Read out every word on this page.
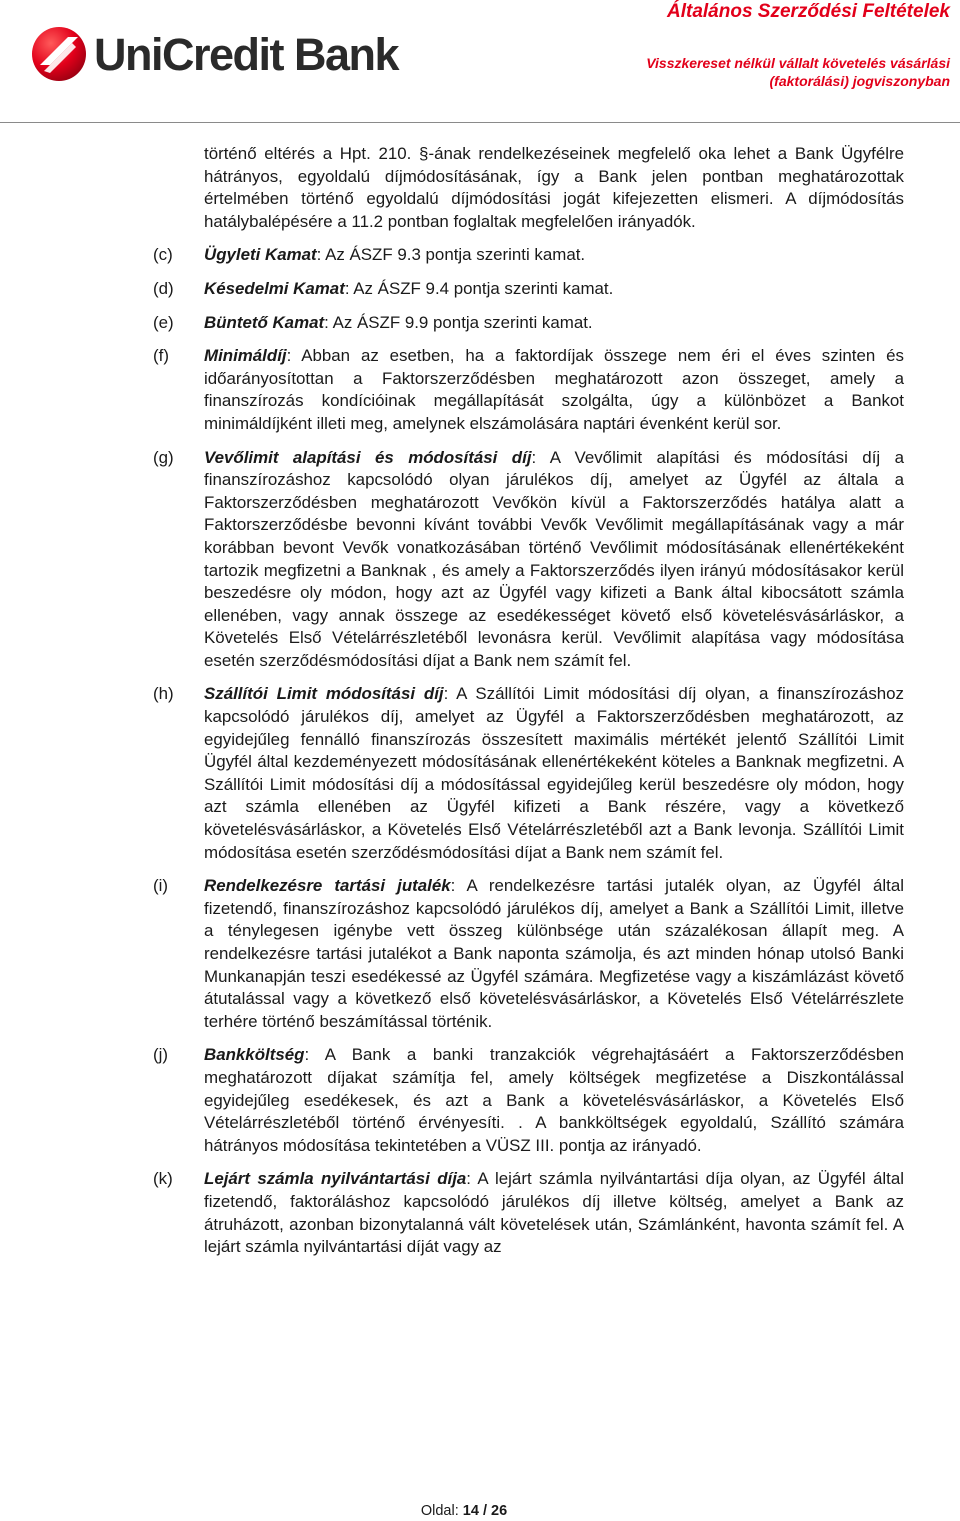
UniCredit Bank
Általános Szerződési Feltételek
Visszkereset nélkül vállalt követelés vásárlási (faktorálási) jogviszonyban
történő eltérés a Hpt. 210. §-ának rendelkezéseinek megfelelő oka lehet a Bank Ügyfélre hátrányos, egyoldalú díjmódosításának, így a Bank jelen pontban meghatározottak értelmében történő egyoldalú díjmódosítási jogát kifejezetten elismeri. A díjmódosítás hatálybalépésére a 11.2 pontban foglaltak megfelelően irányadók.
(c) Ügyleti Kamat: Az ÁSZF 9.3 pontja szerinti kamat.
(d) Késedelmi Kamat: Az ÁSZF 9.4 pontja szerinti kamat.
(e) Büntető Kamat: Az ÁSZF 9.9 pontja szerinti kamat.
(f) Minimáldíj: Abban az esetben, ha a faktordíjak összege nem éri el éves szinten és időarányosítottan a Faktorszerződésben meghatározott azon összeget, amely a finanszírozás kondícióinak megállapítását szolgálta, úgy a különbözet a Bankot minimáldíjként illeti meg, amelynek elszámolására naptári évenként kerül sor.
(g) Vevőlimit alapítási és módosítási díj: A Vevőlimit alapítási és módosítási díj a finanszírozáshoz kapcsolódó olyan járulékos díj, amelyet az Ügyfél az általa a Faktorszerződésben meghatározott Vevőkön kívül a Faktorszerződés hatálya alatt a Faktorszerződésbe bevonni kívánt további Vevők Vevőlimit megállapításának vagy a már korábban bevont Vevők vonatkozásában történő Vevőlimit módosításának ellenértékeként tartozik megfizetni a Banknak , és amely a Faktorszerződés ilyen irányú módosításakor kerül beszedésre oly módon, hogy azt az Ügyfél vagy kifizeti a Bank által kibocsátott számla ellenében, vagy annak összege az esedékességet követő első követelésvásárláskor, a Követelés Első Vételárrészletéből levonásra kerül. Vevőlimit alapítása vagy módosítása esetén szerződésmódosítási díjat a Bank nem számít fel.
(h) Szállítói Limit módosítási díj: A Szállítói Limit módosítási díj olyan, a finanszírozáshoz kapcsolódó járulékos díj, amelyet az Ügyfél a Faktorszerződésben meghatározott, az egyidejűleg fennálló finanszírozás összesített maximális mértékét jelentő Szállítói Limit Ügyfél által kezdeményezett módosításának ellenértékeként köteles a Banknak megfizetni. A Szállítói Limit módosítási díj a módosítással egyidejűleg kerül beszedésre oly módon, hogy azt számla ellenében az Ügyfél kifizeti a Bank részére, vagy a következő követelésvásárláskor, a Követelés Első Vételárrészletéből azt a Bank levonja. Szállítói Limit módosítása esetén szerződésmódosítási díjat a Bank nem számít fel.
(i) Rendelkezésre tartási jutalék: A rendelkezésre tartási jutalék olyan, az Ügyfél által fizetendő, finanszírozáshoz kapcsolódó járulékos díj, amelyet a Bank a Szállítói Limit, illetve a ténylegesen igénybe vett összeg különbsége után százalékosan állapít meg. A rendelkezésre tartási jutalékot a Bank naponta számolja, és azt minden hónap utolsó Banki Munkanapján teszi esedékessé az Ügyfél számára. Megfizetése vagy a kiszámlázást követő átutalással vagy a következő első követelésvásárláskor, a Követelés Első Vételárrészlete terhére történő beszámítással történik.
(j) Bankköltség: A Bank a banki tranzakciók végrehajtásáért a Faktorszerződésben meghatározott díjakat számítja fel, amely költségek megfizetése a Diszkontálással egyidejűleg esedékesek, és azt a Bank a követelésvásárláskor, a Követelés Első Vételárrészletéből történő érvényesíti. . A bankköltségek egyoldalú, Szállító számára hátrányos módosítása tekintetében a VÜSZ III. pontja az irányadó.
(k) Lejárt számla nyilvántartási díja: A lejárt számla nyilvántartási díja olyan, az Ügyfél által fizetendő, faktoráláshoz kapcsolódó járulékos díj illetve költség, amelyet a Bank az átruházott, azonban bizonytalanná vált követelések után, Számlánként, havonta számít fel. A lejárt számla nyilvántartási díját vagy az
Oldal: 14 / 26
